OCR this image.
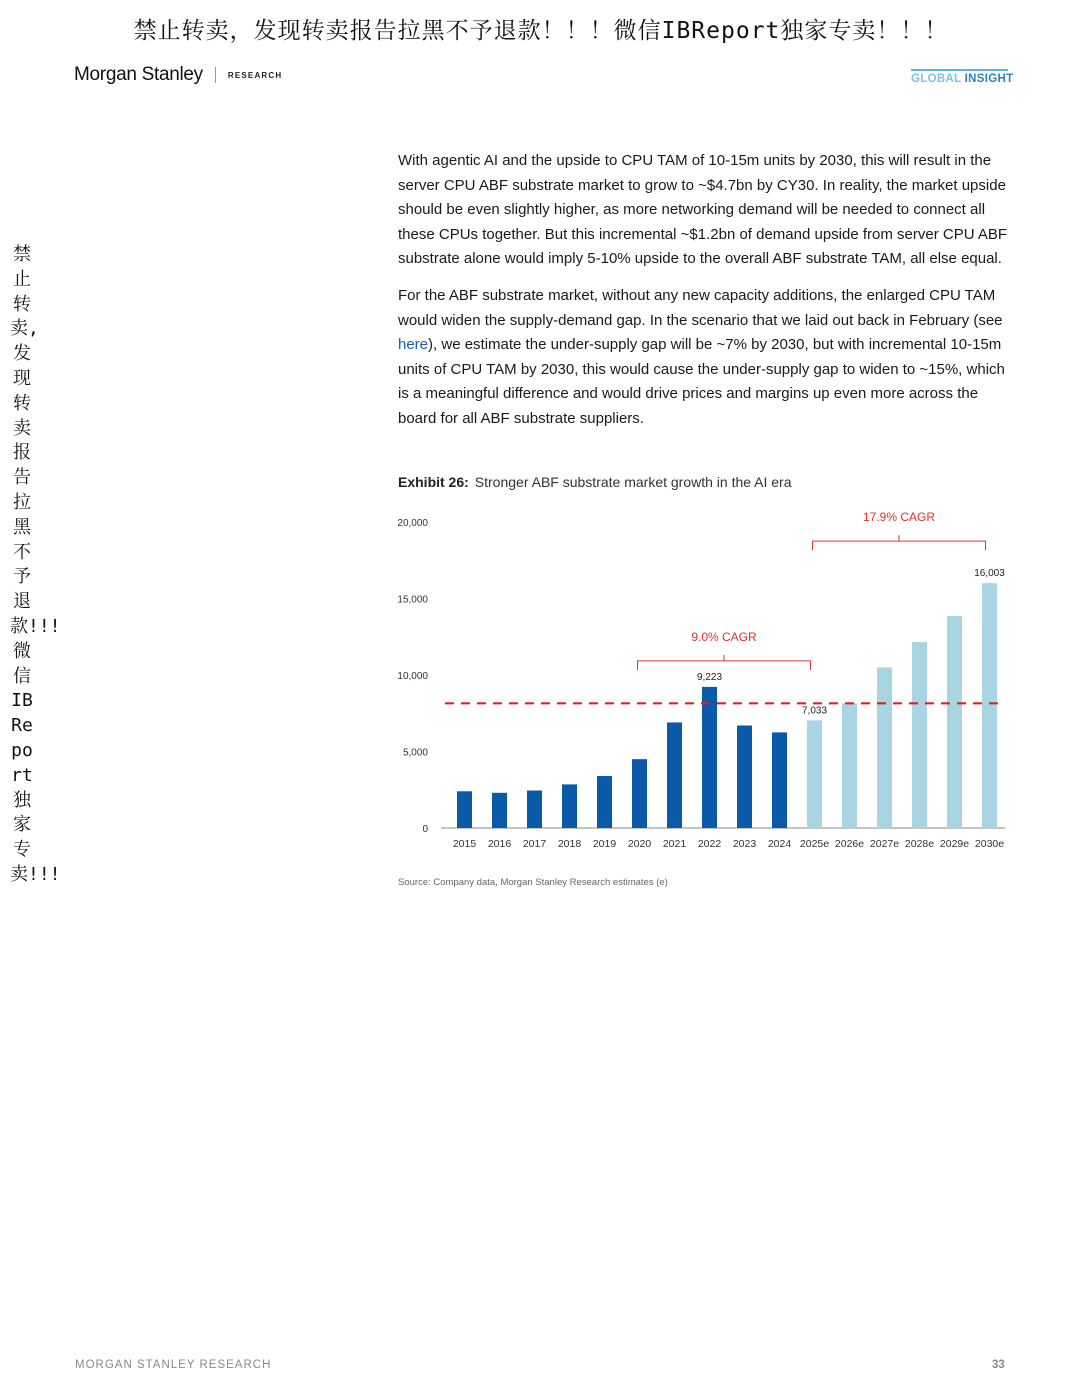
禁止转卖，发现转卖报告拉黑不予退款！！！微信IBReport独家专卖！！！
禁止转卖,发现转卖报告拉黑不予退款!!!微信IBReport独家专卖!!!
Morgan Stanley	RESEARCH	GLOBAL INSIGHT

With agentic AI and the upside to CPU TAM of 10-15m units by 2030, this will result in the server CPU ABF substrate market to grow to ~$4.7bn by CY30. In reality, the market upside should be even slightly higher, as more networking demand will be needed to connect all these CPUs together. But this incremental ~$1.2bn of demand upside from server CPU ABF substrate alone would imply 5-10% upside to the overall ABF substrate TAM, all else equal.

For the ABF substrate market, without any new capacity additions, the enlarged CPU TAM would widen the supply-demand gap. In the scenario that we laid out back in February (see here), we estimate the under-supply gap will be ~7% by 2030, but with incremental 10-15m units of CPU TAM by 2030, this would cause the under-supply gap to widen to ~15%, which is a meaningful difference and would drive prices and margins up even more across the board for all ABF substrate suppliers.

Exhibit 26: Stronger ABF substrate market growth in the AI era
0
5,000
10,000
15,000
20,000
2015 2016 2017 2018 2019 2020 2021 2022 2023 2024 2025e 2026e 2027e 2028e 2029e 2030e
9,223
7,033
16,003
9.0% CAGR
17.9% CAGR
Source: Company data, Morgan Stanley Research estimates (e)
MORGAN STANLEY RESEARCH	33
